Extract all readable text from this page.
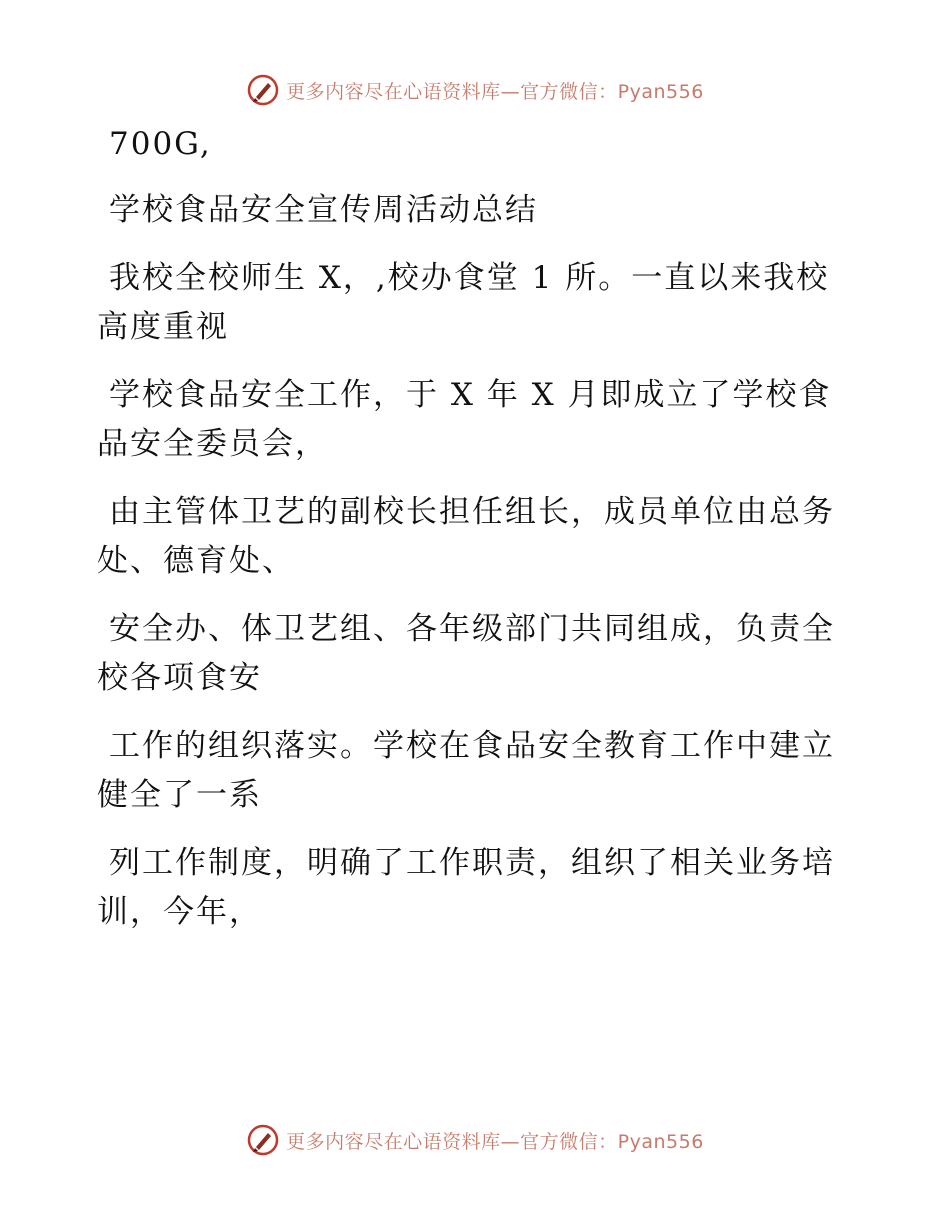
更多内容尽在心语资料库—官方微信：Pyan556

700G,

学校食品安全宣传周活动总结

我校全校师生 X，,校办食堂 1 所。一直以来我校高度重视

学校食品安全工作，于 X 年 X 月即成立了学校食品安全委员会，

由主管体卫艺的副校长担任组长，成员单位由总务处、德育处、

安全办、体卫艺组、各年级部门共同组成，负责全校各项食安

工作的组织落实。学校在食品安全教育工作中建立健全了一系

列工作制度，明确了工作职责，组织了相关业务培训，今年，

更多内容尽在心语资料库—官方微信：Pyan556
